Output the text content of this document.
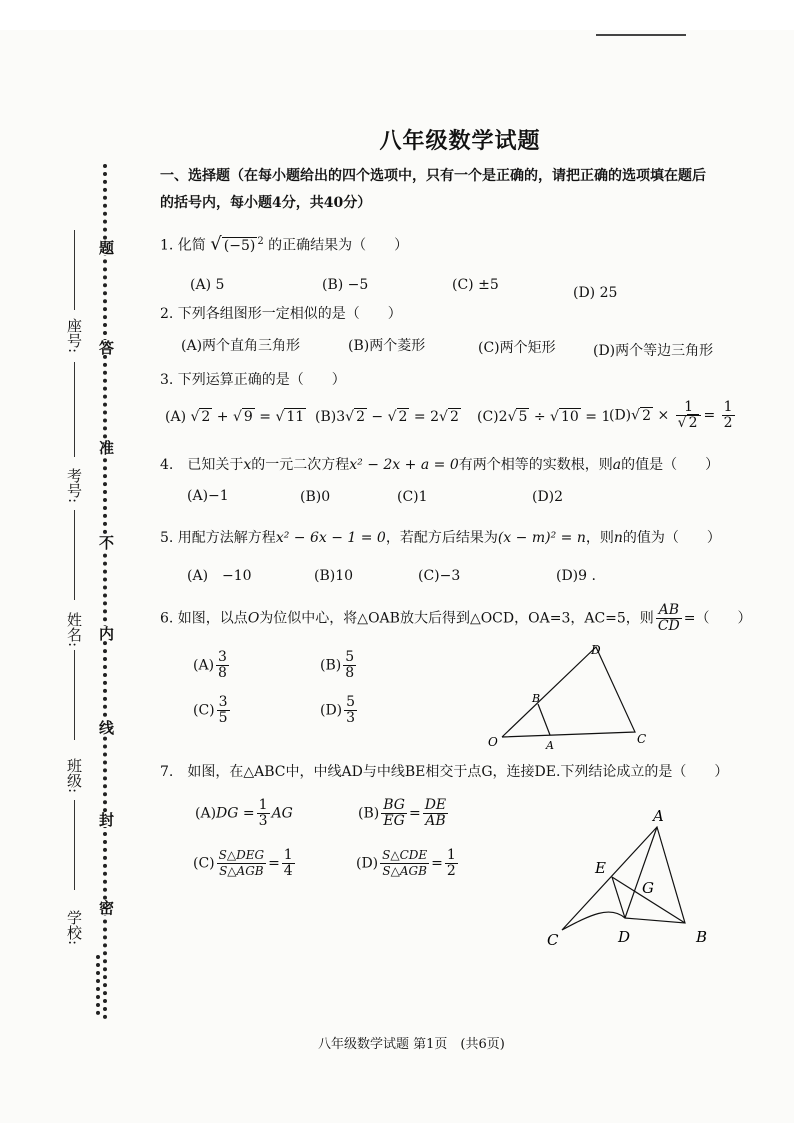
学校:
班级:
姓名:
考号:
座号:
密
封
线
内
不
准
答
题
八年级数学试题
一、选择题（在每小题给出的四个选项中，只有一个是正确的，请把正确的选项填在题后
的括号内，每小题4分，共40分）
1. 化简 √ (−5) $^2$ 的正确结果为（　　）
(A) 5	(B) −5	(C) ±5	(D) 25
2. 下列各组图形一定相似的是（　　）
(A)两个直角三角形	(B)两个菱形	(C)两个矩形	(D)两个等边三角形
3. 下列运算正确的是（　　）
(A) √ 2 + √ 9 = √ 11 (B)3√ 2 − √ 2 = 2√ 2 (C)2√ 5 ÷ √ 10 = 1
(D)√ $2 \times \frac{1}{√ 2} = \frac{1}{2}$
4.　已知关于x的一元二次方程x² − 2x + a = 0有两个相等的实数根，则a的值是（　　）
(A)−1	(B)0	(C)1	(D)2
5. 用配方法解方程x² − 6x − 1 = 0，若配方后结果为(x − m)² = n，则n的值为（　　）
(A)　−10	(B)10	(C)−3	(D)9 .
6. 如图，以点O为位似中心，将△OAB放大后得到△OCD，OA=3，AC=5，则 $\frac{AB}{CD}$ =（　　）
$(A) \frac{3}{8}$	$(B) \frac{5}{8}$
$(C) \frac{3}{5}$	$(D) \frac{5}{3}$
O	A
B
C
D
7.　如图，在△ABC中，中线AD与中线BE相交于点G，连接DE.下列结论成立的是（　　）
$(A)DG = \frac{1}{3}$ AG	$(B) \frac{BG}{EG} = \frac{DE}{AB}$
$(C) \frac{\text{S△DEG}}{\text{S△AGB}} = \frac{1}{4}$	$(D) \frac{\text{S△CDE}}{\text{S△AGB}} = \frac{1}{2}$
A
B
C	D
E
G
八年级数学试题 第1页　(共6页)
